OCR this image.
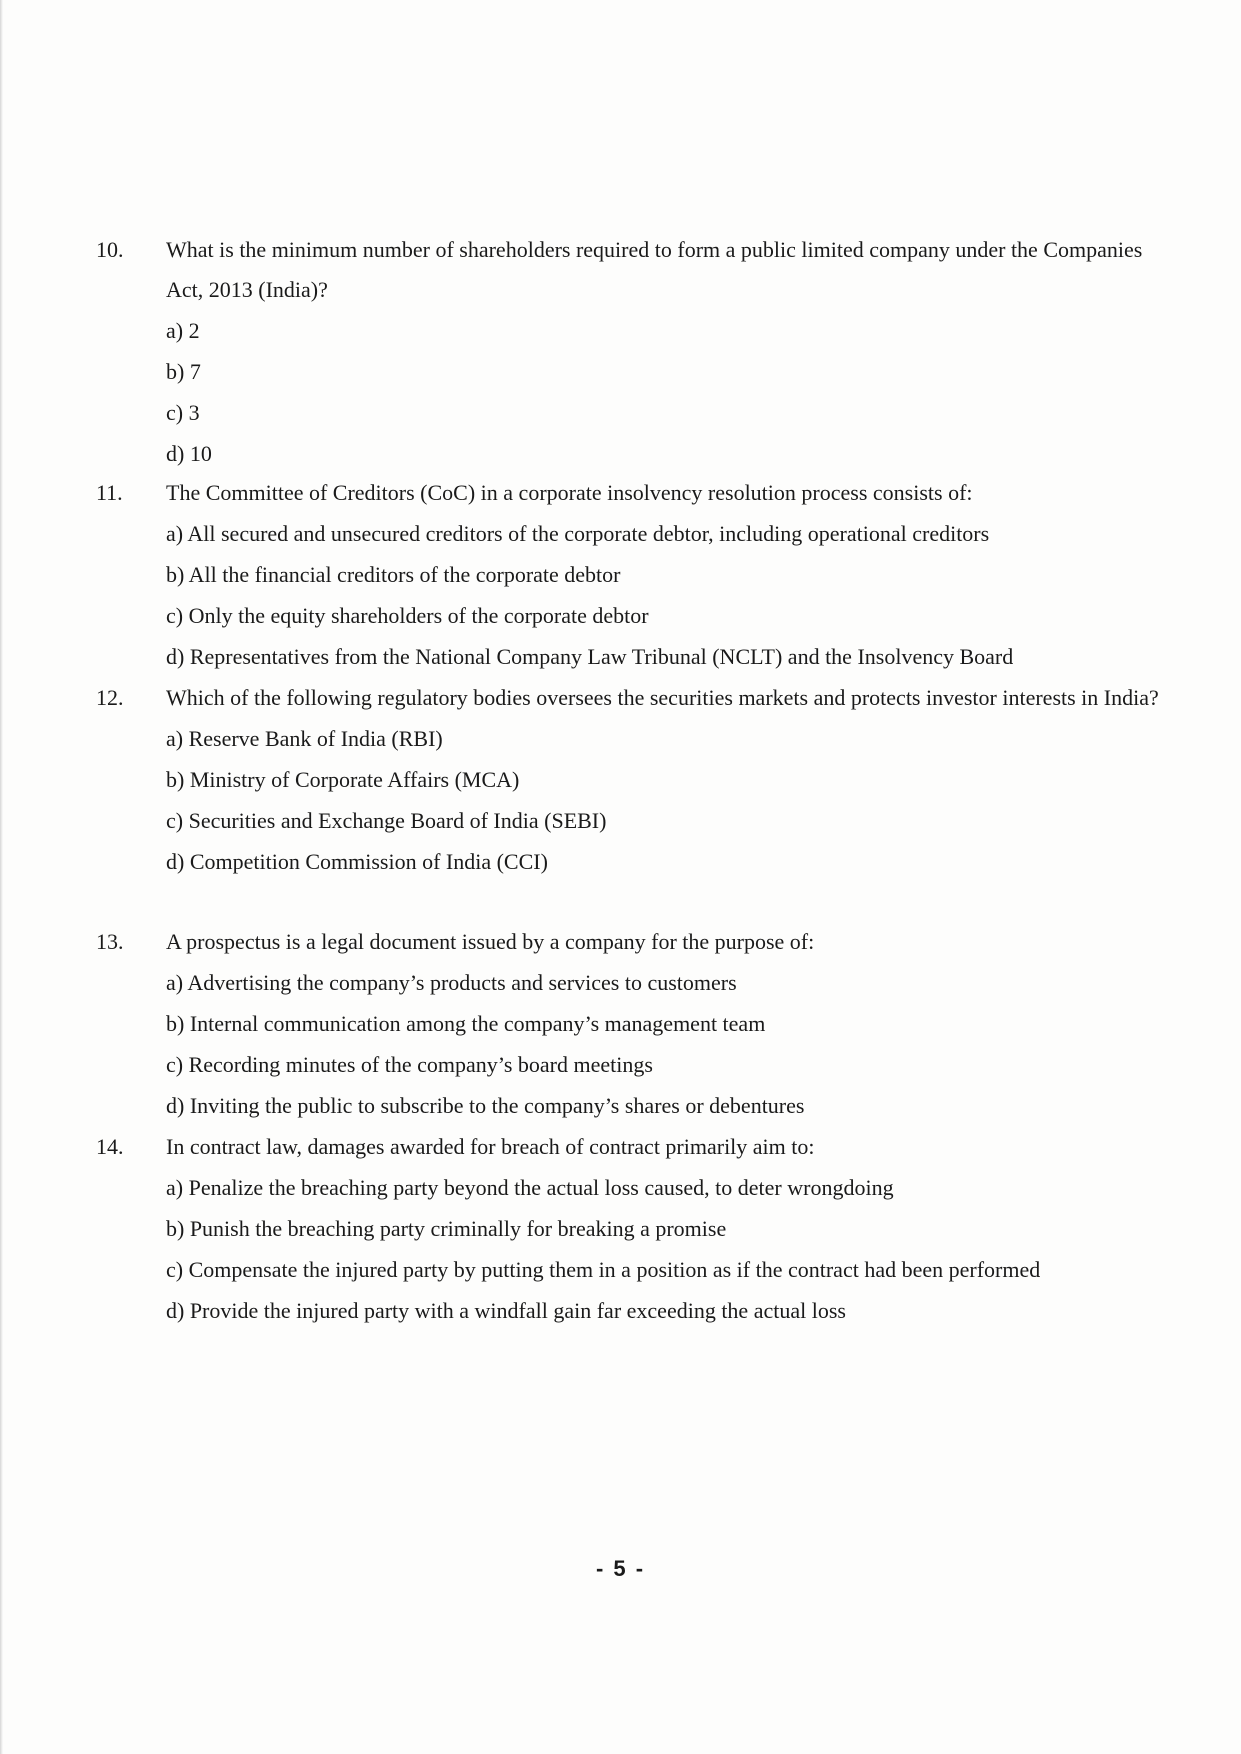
10.	What is the minimum number of shareholders required to form a public limited company under the Companies Act, 2013 (India)?
a) 2
b) 7
c) 3
d) 10
11.	The Committee of Creditors (CoC) in a corporate insolvency resolution process consists of:
a) All secured and unsecured creditors of the corporate debtor, including operational creditors
b) All the financial creditors of the corporate debtor
c) Only the equity shareholders of the corporate debtor
d) Representatives from the National Company Law Tribunal (NCLT) and the Insolvency Board
12.	Which of the following regulatory bodies oversees the securities markets and protects investor interests in India?
a) Reserve Bank of India (RBI)
b) Ministry of Corporate Affairs (MCA)
c) Securities and Exchange Board of India (SEBI)
d) Competition Commission of India (CCI)
13.	A prospectus is a legal document issued by a company for the purpose of:
a) Advertising the company’s products and services to customers
b) Internal communication among the company’s management team
c) Recording minutes of the company’s board meetings
d) Inviting the public to subscribe to the company’s shares or debentures
14.	In contract law, damages awarded for breach of contract primarily aim to:
a) Penalize the breaching party beyond the actual loss caused, to deter wrongdoing
b) Punish the breaching party criminally for breaking a promise
c) Compensate the injured party by putting them in a position as if the contract had been performed
d) Provide the injured party with a windfall gain far exceeding the actual loss
- 5 -
